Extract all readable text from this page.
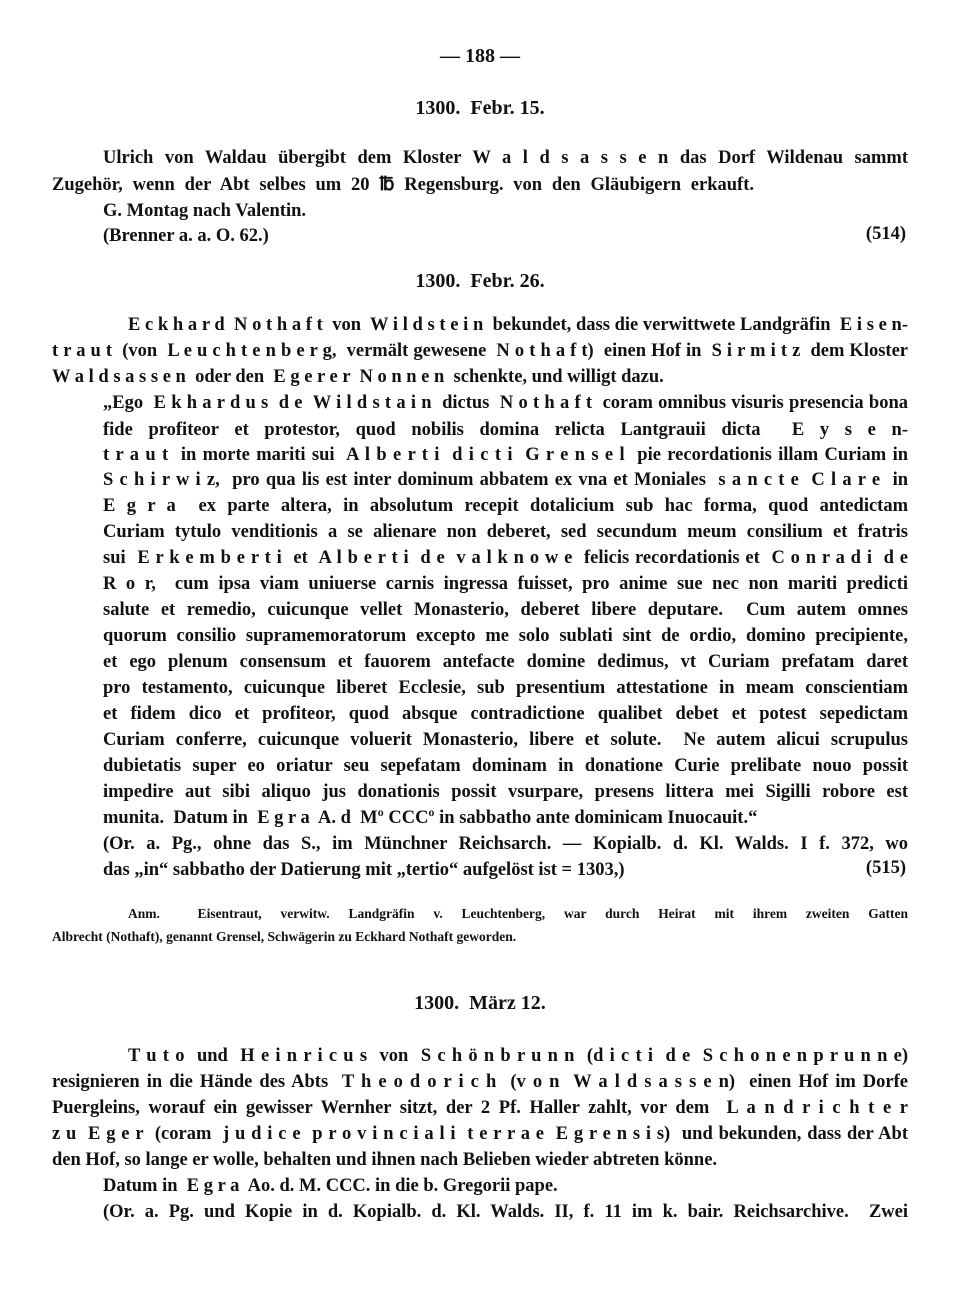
— 188 —
1300.  Febr. 15.
Ulrich von Waldau übergibt dem Kloster W a l d s a s s e n das Dorf Wildenau sammt
Zugehör, wenn der Abt selbes um 20 ℔ Regensburg. von den Gläubigern erkauft.
G. Montag nach Valentin.
(Brenner a. a. O. 62.)	(514)
1300.  Febr. 26.
E c k h a r d  N o t h a f t  von  W i l d s t e i n  bekundet, dass die verwittwete Landgräfin  E i s e n-
t r a u t  (von  L e u c h t e n b e r g,  vermält gewesene  N o t h a f t)  einen Hof in  S i r m i t z  dem Kloster
W a l d s a s s e n  oder den  E g e r e r  N o n n e n  schenkte, und willigt dazu.
„Ego  E k h a r d u s  d e  W i l d s t a i n  dictus  N o t h a f t  coram omnibus visuris presencia bona
fide profiteor et protestor, quod nobilis domina relicta Lantgrauii dicta  E y s e n-
t r a u t  in morte mariti sui  A l b e r t i  d i c t i  G r e n s e l  pie recordationis illam Curiam in
S c h i r w i z,  pro qua lis est inter dominum abbatem ex vna et Moniales  s a n c t e  C l a r e  in
E g r a  ex parte altera, in absolutum recepit dotalicium sub hac forma, quod antedictam
Curiam tytulo venditionis a se alienare non deberet, sed secundum meum consilium et fratris
sui  E r k e m b e r t i  et  A l b e r t i  d e  v a l k n o w e  felicis recordationis et  C o n r a d i  d e
R o r,  cum ipsa viam uniuerse carnis ingressa fuisset, pro anime sue nec non mariti predicti
salute et remedio, cuicunque vellet Monasterio, deberet libere deputare.  Cum autem omnes
quorum consilio supramemoratorum excepto me solo sublati sint de ordio, domino precipiente,
et ego plenum consensum et fauorem antefacte domine dedimus, vt Curiam prefatam daret
pro testamento, cuicunque liberet Ecclesie, sub presentium attestatione in meam conscientiam
et fidem dico et profiteor, quod absque contradictione qualibet debet et potest sepedictam
Curiam conferre, cuicunque voluerit Monasterio, libere et solute.  Ne autem alicui scrupulus
dubietatis super eo oriatur seu sepefatam dominam in donatione Curie prelibate nouo possit
impedire aut sibi aliquo jus donationis possit vsurpare, presens littera mei Sigilli robore est
munita.  Datum in  E g r a  A. d  Mº CCCº in sabbatho ante dominicam Inuocauit.“
(Or. a. Pg., ohne das S., im Münchner Reichsarch. — Kopialb. d. Kl. Walds. I f. 372, wo
das „in“ sabbatho der Datierung mit „tertio“ aufgelöst ist = 1303,)	(515)
Anm.  Eisentraut, verwitw. Landgräfin v. Leuchtenberg, war durch Heirat mit ihrem zweiten Gatten
Albrecht (Nothaft), genannt Grensel, Schwägerin zu Eckhard Nothaft geworden.
1300.  März 12.
T u t o  und  H e i n r i c u s  von  S c h ö n b r u n n  (d i c t i  d e  S c h o n e n p r u n n e)
resignieren in die Hände des Abts  T h e o d o r i c h  (v o n  W a l d s a s s e n)  einen Hof im Dorfe
Puergleins, worauf ein gewisser Wernher sitzt, der 2 Pf. Haller zahlt, vor dem  L a n d r i c h t e r
z u  E g e r  (coram  j u d i c e  p r o v i n c i a l i  t e r r a e  E g r e n s i s)  und bekunden, dass der Abt
den Hof, so lange er wolle, behalten und ihnen nach Belieben wieder abtreten könne.
Datum in  E g r a  Ao. d. M. CCC. in die b. Gregorii pape.
(Or. a. Pg. und Kopie in d. Kopialb. d. Kl. Walds. II, f. 11 im k. bair. Reichsarchive.  Zwei
